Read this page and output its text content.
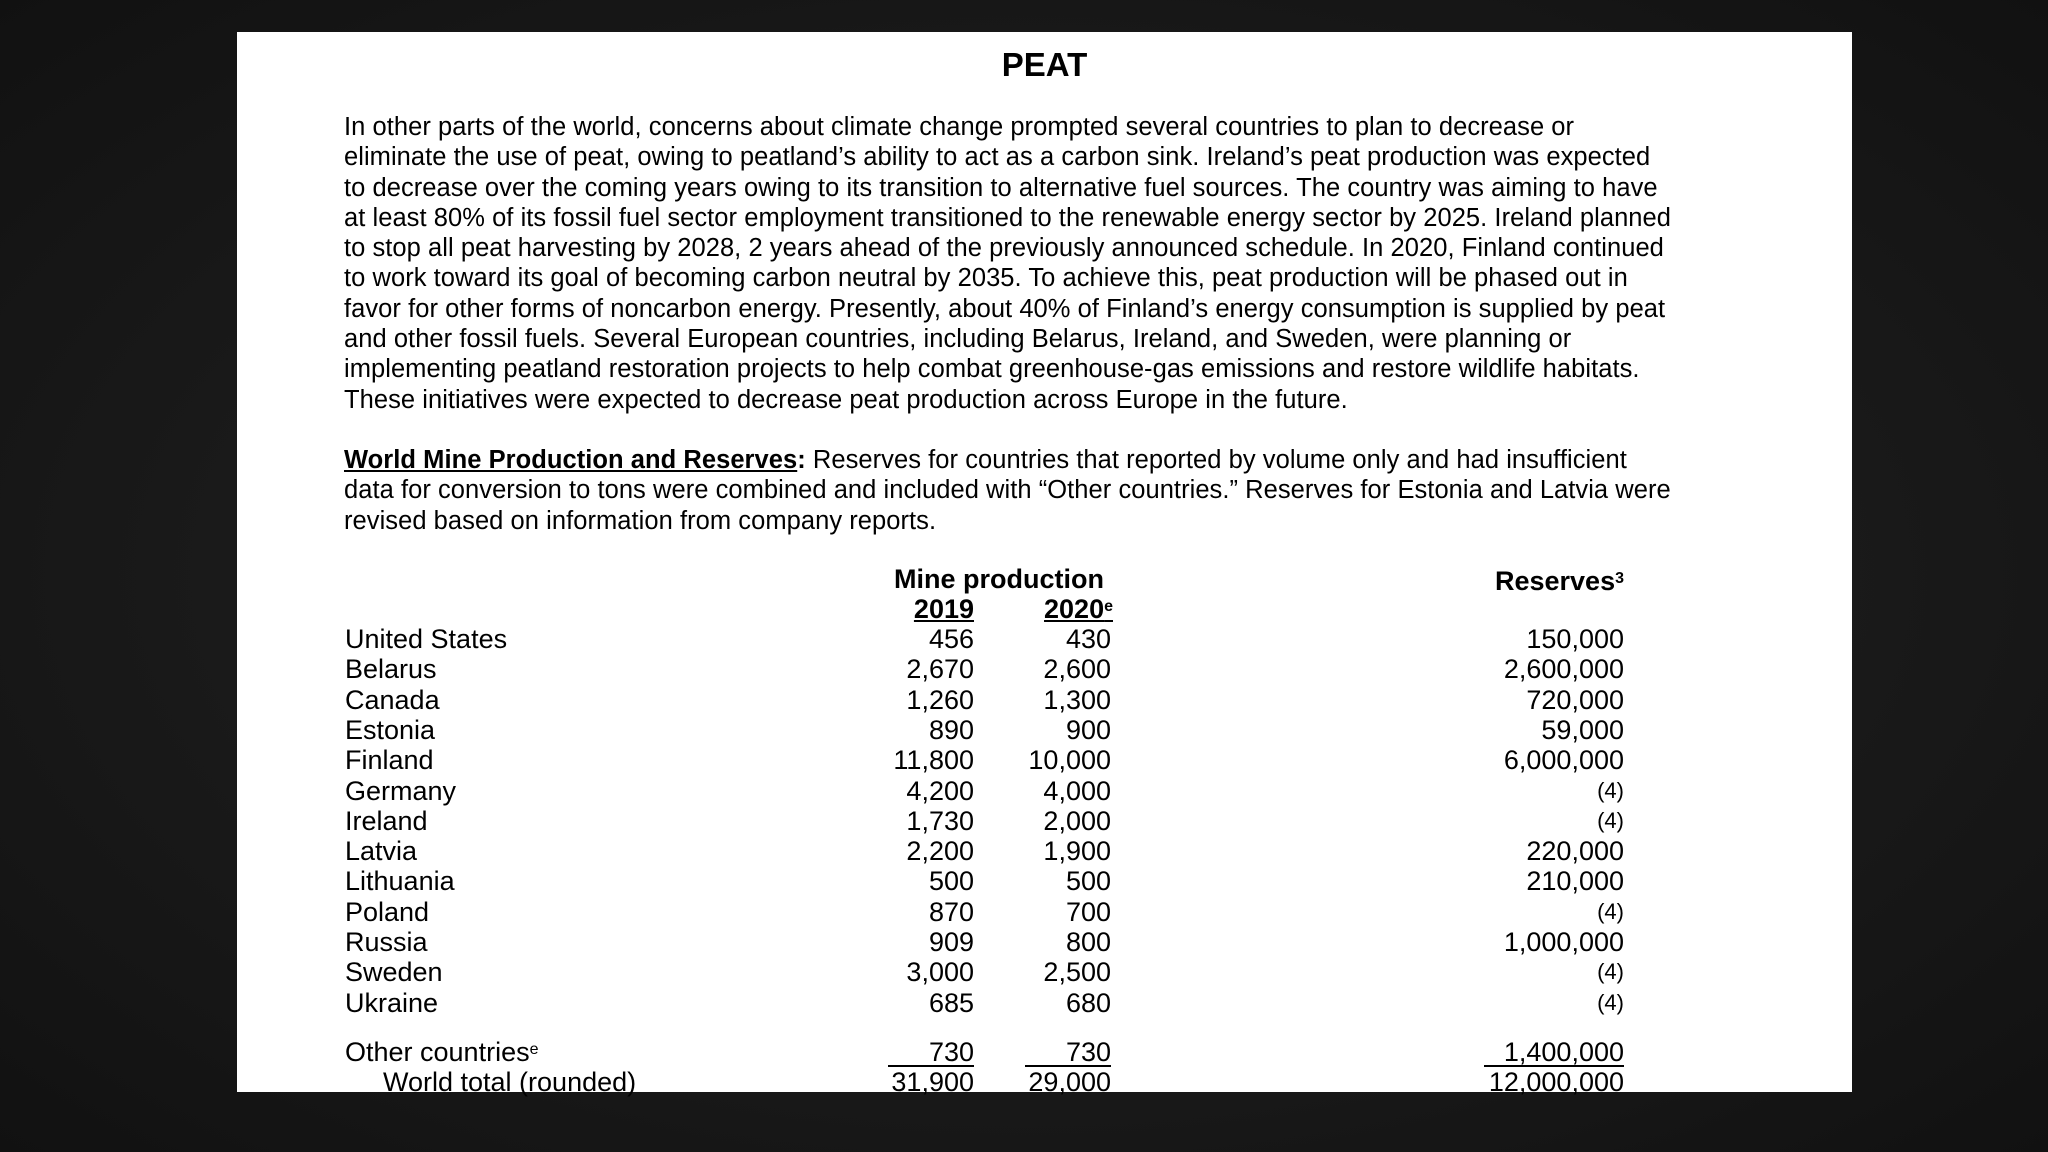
PEAT

In other parts of the world, concerns about climate change prompted several countries to plan to decrease or

eliminate the use of peat, owing to peatland’s ability to act as a carbon sink. Ireland’s peat production was expected

to decrease over the coming years owing to its transition to alternative fuel sources. The country was aiming to have

at least 80% of its fossil fuel sector employment transitioned to the renewable energy sector by 2025. Ireland planned

to stop all peat harvesting by 2028, 2 years ahead of the previously announced schedule. In 2020, Finland continued

to work toward its goal of becoming carbon neutral by 2035. To achieve this, peat production will be phased out in

favor for other forms of noncarbon energy. Presently, about 40% of Finland’s energy consumption is supplied by peat

and other fossil fuels. Several European countries, including Belarus, Ireland, and Sweden, were planning or

implementing peatland restoration projects to help combat greenhouse-gas emissions and restore wildlife habitats.

These initiatives were expected to decrease peat production across Europe in the future.

World Mine Production and Reserves: Reserves for countries that reported by volume only and had insufficient

data for conversion to tons were combined and included with “Other countries.” Reserves for Estonia and Latvia were

revised based on information from company reports.

Mine production
2019	2020e
Reserves$^3$
United States	456	430	150,000
Belarus	2,670	2,600	2,600,000
Canada	1,260	1,300	720,000
Estonia	890	900	59,000
Finland	11,800 10,000	6,000,000
Germany	4,200	4,000	(4)
Ireland	1,730	2,000	(4)
Latvia	2,200	1,900	220,000
Lithuania	500	500	210,000
Poland	870	700	(4)
Russia	909	800	1,000,000
Sweden	3,000	2,500	(4)
Ukraine	685	680	(4)
Other countries$^e$	730	730	1,400,000
World total (rounded)	31,900 29,000	12,000,000
